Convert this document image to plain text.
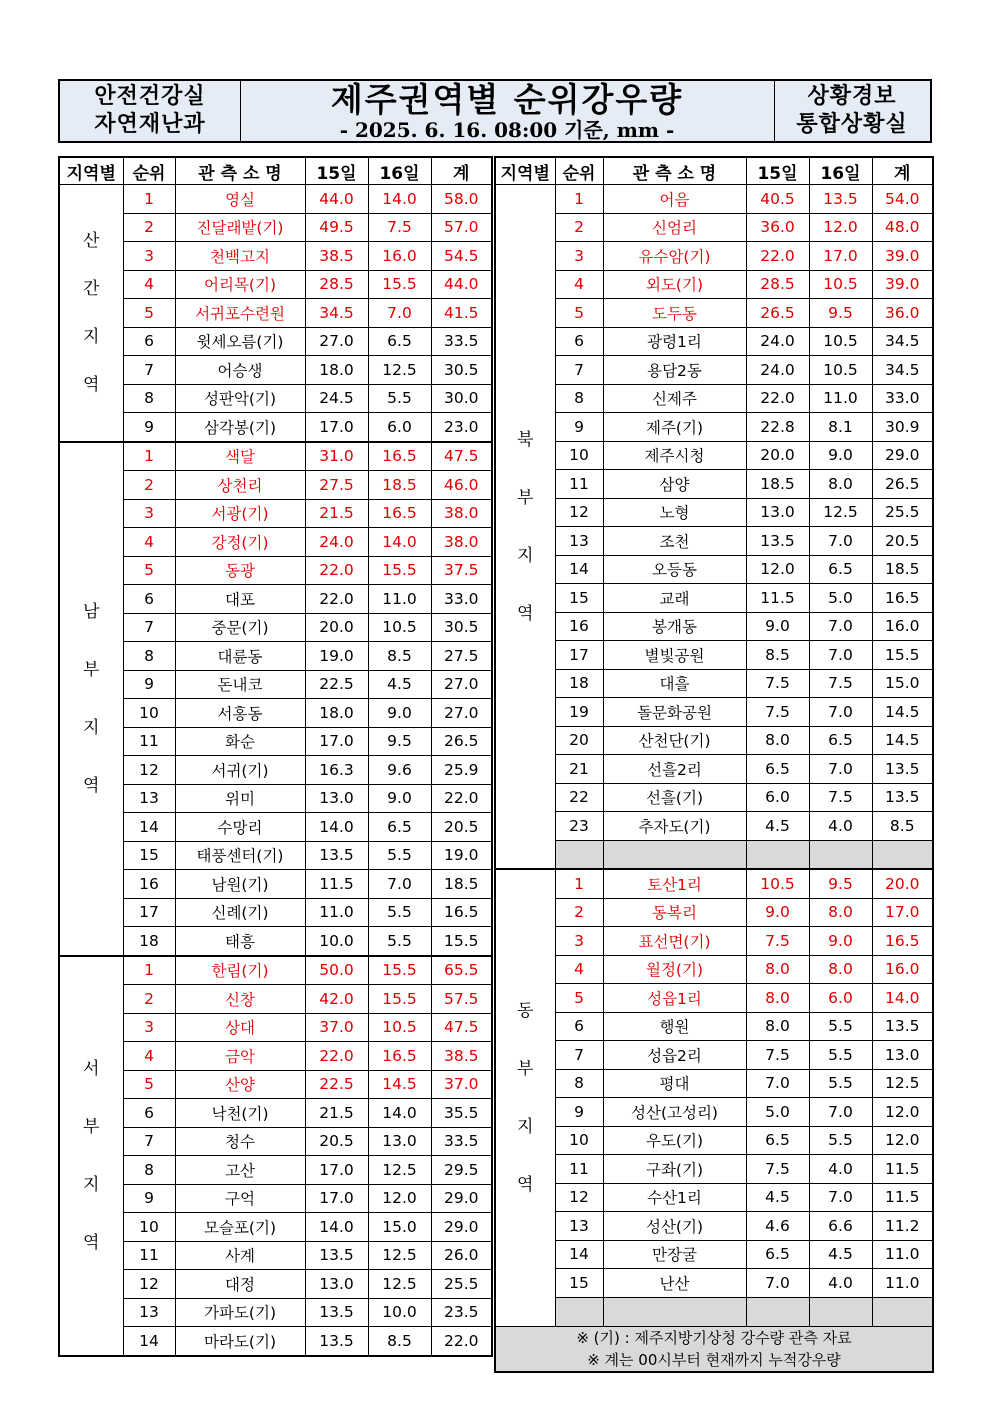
안전건강실
자연재난과
제주권역별 순위강우량
- 2025. 6. 16. 08:00 기준, mm -
상황경보
통합상황실
지역별	순위	관 측 소 명	15일	16일	계

산
간
지
역	1	영실	44.0	14.0	58.0
	2	진달래밭(기)	49.5	7.5	57.0
	3	천백고지	38.5	16.0	54.5
	4	어리목(기)	28.5	15.5	44.0
	5	서귀포수련원	34.5	7.0	41.5
	6	윗세오름(기)	27.0	6.5	33.5
	7	어승생	18.0	12.5	30.5
	8	성판악(기)	24.5	5.5	30.0
	9	삼각봉(기)	17.0	6.0	23.0

남
부
지
역	1	색달	31.0	16.5	47.5
	2	상천리	27.5	18.5	46.0
	3	서광(기)	21.5	16.5	38.0
	4	강정(기)	24.0	14.0	38.0
	5	동광	22.0	15.5	37.5
	6	대포	22.0	11.0	33.0
	7	중문(기)	20.0	10.5	30.5
	8	대륜동	19.0	8.5	27.5
	9	돈내코	22.5	4.5	27.0
	10	서홍동	18.0	9.0	27.0
	11	화순	17.0	9.5	26.5
	12	서귀(기)	16.3	9.6	25.9
	13	위미	13.0	9.0	22.0
	14	수망리	14.0	6.5	20.5
	15	태풍센터(기)	13.5	5.5	19.0
	16	남원(기)	11.5	7.0	18.5
	17	신례(기)	11.0	5.5	16.5
	18	태흥	10.0	5.5	15.5

서
부
지
역	1	한림(기)	50.0	15.5	65.5
	2	신창	42.0	15.5	57.5
	3	상대	37.0	10.5	47.5
	4	금악	22.0	16.5	38.5
	5	산양	22.5	14.5	37.0
	6	낙천(기)	21.5	14.0	35.5
	7	청수	20.5	13.0	33.5
	8	고산	17.0	12.5	29.5
	9	구억	17.0	12.0	29.0
	10	모슬포(기)	14.0	15.0	29.0
	11	사계	13.5	12.5	26.0
	12	대정	13.0	12.5	25.5
	13	가파도(기)	13.5	10.0	23.5
	14	마라도(기)	13.5	8.5	22.0
지역별	순위	관 측 소 명	15일	16일	계

북
부
지
역	1	어음	40.5	13.5	54.0
	2	신엄리	36.0	12.0	48.0
	3	유수암(기)	22.0	17.0	39.0
	4	외도(기)	28.5	10.5	39.0
	5	도두동	26.5	9.5	36.0
	6	광령1리	24.0	10.5	34.5
	7	용담2동	24.0	10.5	34.5
	8	신제주	22.0	11.0	33.0
	9	제주(기)	22.8	8.1	30.9
	10	제주시청	20.0	9.0	29.0
	11	삼양	18.5	8.0	26.5
	12	노형	13.0	12.5	25.5
	13	조천	13.5	7.0	20.5
	14	오등동	12.0	6.5	18.5
	15	교래	11.5	5.0	16.5
	16	봉개동	9.0	7.0	16.0
	17	별빛공원	8.5	7.0	15.5
	18	대흘	7.5	7.5	15.0
	19	돌문화공원	7.5	7.0	14.5
	20	산천단(기)	8.0	6.5	14.5
	21	선흘2리	6.5	7.0	13.5
	22	선흘(기)	6.0	7.5	13.5
	23	추자도(기)	4.5	4.0	8.5

동
부
지
역	1	토산1리	10.5	9.5	20.0
	2	동복리	9.0	8.0	17.0
	3	표선면(기)	7.5	9.0	16.5
	4	월정(기)	8.0	8.0	16.0
	5	성읍1리	8.0	6.0	14.0
	6	행원	8.0	5.5	13.5
	7	성읍2리	7.5	5.5	13.0
	8	평대	7.0	5.5	12.5
	9	성산(고성리)	5.0	7.0	12.0
	10	우도(기)	6.5	5.5	12.0
	11	구좌(기)	7.5	4.0	11.5
	12	수산1리	4.5	7.0	11.5
	13	성산(기)	4.6	6.6	11.2
	14	만장굴	6.5	4.5	11.0
	15	난산	7.0	4.0	11.0

※ (기) : 제주지방기상청 강수량 관측 자료
※ 계는 00시부터 현재까지 누적강우량					
